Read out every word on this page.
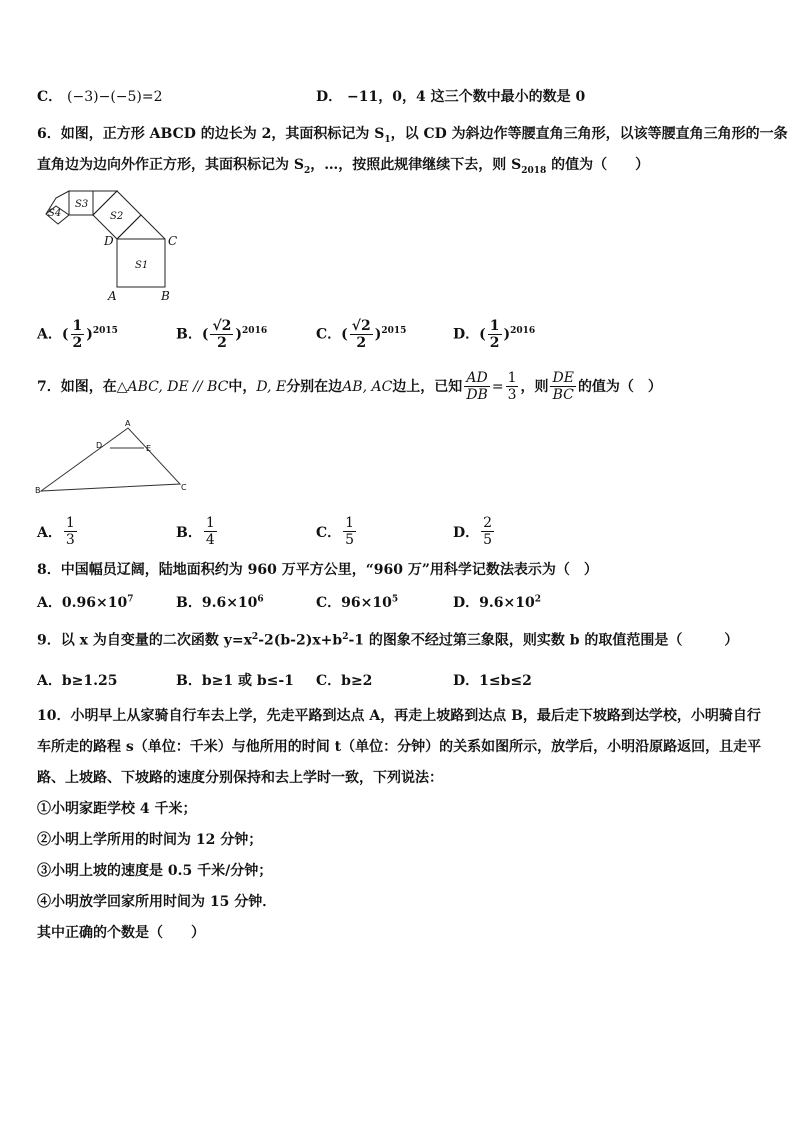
C． (−3)−(−5)=2	D． −11，0，4 这三个数中最小的数是 0
6．如图，正方形 ABCD 的边长为 2，其面积标记为 $S_1$，以 CD 为斜边作等腰直角三角形，以该等腰直角三角形的一条
直角边为边向外作正方形，其面积标记为 $S_2$，…，按照此规律继续下去，则 $S_{2018}$ 的值为（　　）
S4
S3
S2
S1
D	C
A	B
A．( $\frac{1}{2} )^{2015}$	B．( $\frac{√2}{2} )^{2016}$	C．( $\frac{√2}{2} )^{2015}$	D．( $\frac{1}{2} )^{2016}$
7．如图，在 △ABC, DE // BC 中， D, E 分别在边 AB, AC 边上，已知 $\frac{AD}{DB} = \frac{1}{3}$ ，则 $\frac{DE}{BC}$ 的值为（　）
A
D	E
B	C
A． $\frac{1}{3}$	B． $\frac{1}{4}$	C． $\frac{1}{5}$	D． $\frac{2}{5}$
8．中国幅员辽阔，陆地面积约为 960 万平方公里，“960 万”用科学记数法表示为（　）
A．$0.96\times 10^7$	B．$9.6\times 10^6$	C．$96\times 10^5$	D．$9.6\times 10^2$
9．以 x 为自变量的二次函数 $y=x^2-2(b-2)x+b^2-1$ 的图象不经过第三象限，则实数 b 的取值范围是（　　　）
A．b≥1.25	B．b≥1 或 b≤-1 C．b≥2	D．1≤b≤2
10．小明早上从家骑自行车去上学，先走平路到达点 A，再走上坡路到达点 B，最后走下坡路到达学校，小明骑自行
车所走的路程 s（单位：千米）与他所用的时间 t（单位：分钟）的关系如图所示，放学后，小明沿原路返回，且走平
路、上坡路、下坡路的速度分别保持和去上学时一致，下列说法：
①小明家距学校 4 千米；
②小明上学所用的时间为 12 分钟；
③小明上坡的速度是 0.5 千米/分钟；
④小明放学回家所用时间为 15 分钟．
其中正确的个数是（　　）
